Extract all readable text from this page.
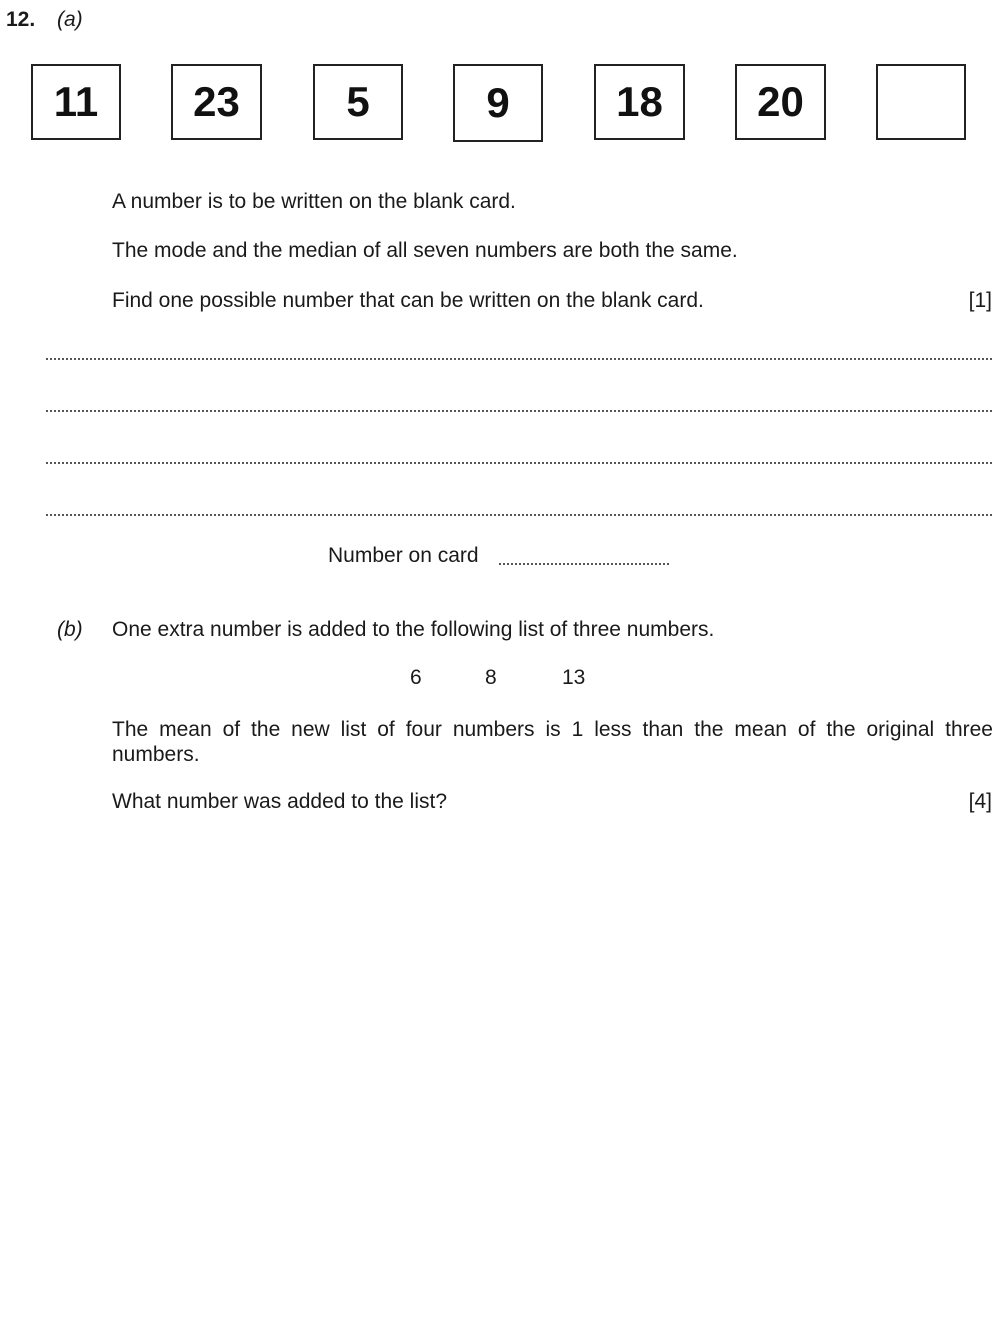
12. (a)
11	23	5	9	18	20
A number is to be written on the blank card.
The mode and the median of all seven numbers are both the same.
Find one possible number that can be written on the blank card.	[1]
Number on card
(b) One extra number is added to the following list of three numbers.
6	8	13
The mean of the new list of four numbers is 1 less than the mean of the original three numbers.
What number was added to the list?	[4]
